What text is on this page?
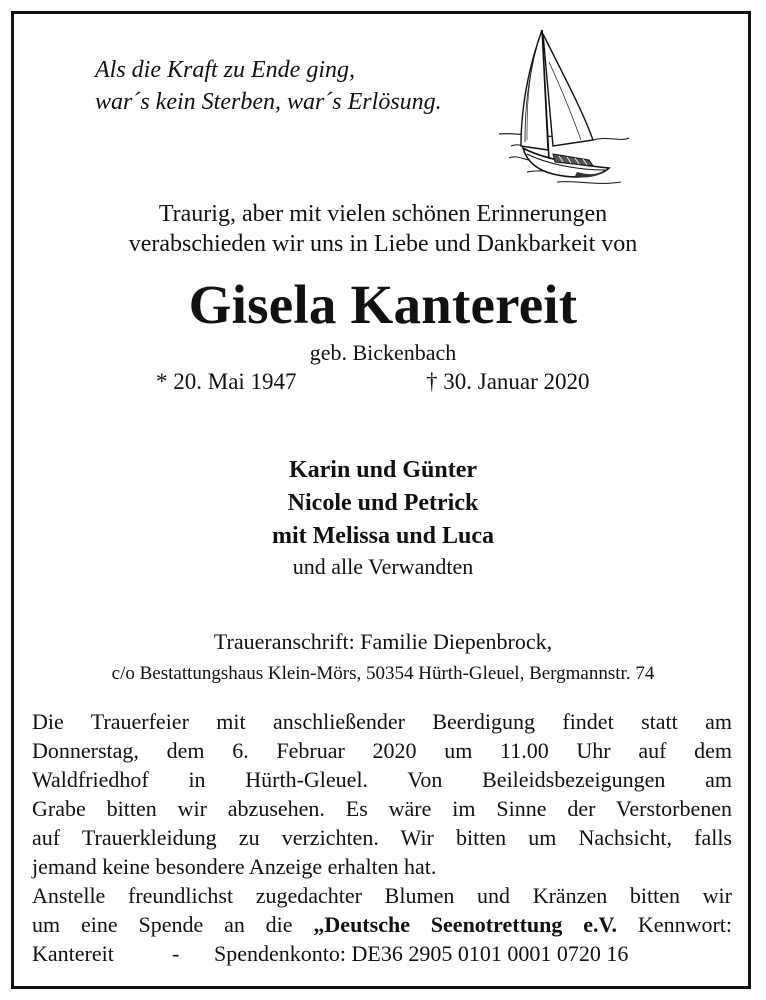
Als die Kraft zu Ende ging,
war´s kein Sterben, war´s Erlösung.
Traurig, aber mit vielen schönen Erinnerungen
verabschieden wir uns in Liebe und Dankbarkeit von
Gisela Kantereit
geb. Bickenbach
* 20. Mai 1947	† 30. Januar 2020
Karin und Günter
Nicole und Petrick
mit Melissa und Luca
und alle Verwandten
Traueranschrift: Familie Diepenbrock,
c/o Bestattungshaus Klein-Mörs, 50354 Hürth-Gleuel, Bergmannstr. 74
Die Trauerfeier mit anschließender Beerdigung findet statt am
Donnerstag, dem 6. Februar 2020 um 11.00 Uhr auf dem
Waldfriedhof in Hürth-Gleuel. Von Beileidsbezeigungen am
Grabe bitten wir abzusehen. Es wäre im Sinne der Verstorbenen
auf Trauerkleidung zu verzichten. Wir bitten um Nachsicht, falls
jemand keine besondere Anzeige erhalten hat.
Anstelle freundlichst zugedachter Blumen und Kränzen bitten wir
um eine Spende an die „Deutsche Seenotrettung e.V. Kennwort:
Kantereit	- Spendenkonto: DE36 2905 0101 0001 0720 16
